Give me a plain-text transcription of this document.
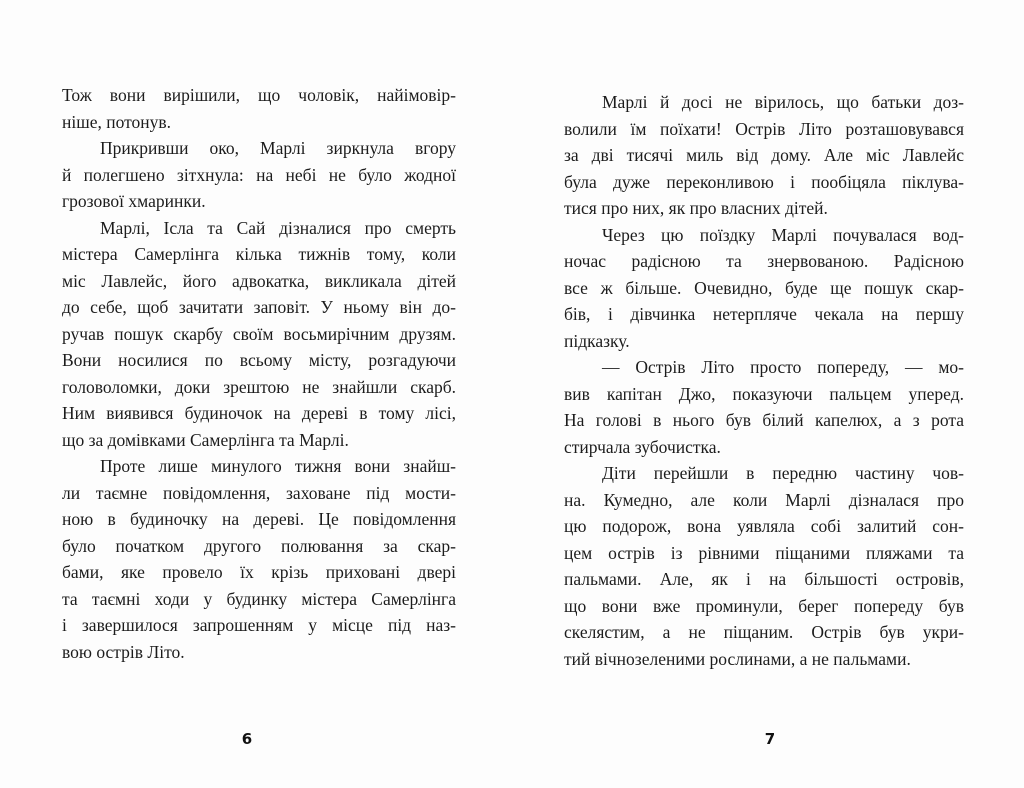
Тож вони вирішили, що чоловік, найімовір-
ніше, потонув.
Прикривши око, Марлі зиркнула вгору
й полегшено зітхнула: на небі не було жодної
грозової хмаринки.
Марлі, Ісла та Сай дізналися про смерть
містера Самерлінга кілька тижнів тому, коли
міс Лавлейс, його адвокатка, викликала дітей
до себе, щоб зачитати заповіт. У ньому він до-
ручав пошук скарбу своїм восьмирічним друзям.
Вони носилися по всьому місту, розгадуючи
головоломки, доки зрештою не знайшли скарб.
Ним виявився будиночок на дереві в тому лісі,
що за домівками Самерлінга та Марлі.
Проте лише минулого тижня вони знайш-
ли таємне повідомлення, заховане під мости-
ною в будиночку на дереві. Це повідомлення
було початком другого полювання за скар-
бами, яке провело їх крізь приховані двері
та таємні ходи у будинку містера Самерлінга
і завершилося запрошенням у місце під наз-
вою острів Літо.
6
Марлі й досі не вірилось, що батьки доз-
волили їм поїхати! Острів Літо розташовувався
за дві тисячі миль від дому. Але міс Лавлейс
була дуже переконливою і пообіцяла піклува-
тися про них, як про власних дітей.
Через цю поїздку Марлі почувалася вод-
ночас радісною та знервованою. Радісною
все ж більше. Очевидно, буде ще пошук скар-
бів, і дівчинка нетерпляче чекала на першу
підказку.
— Острів Літо просто попереду, — мо-
вив капітан Джо, показуючи пальцем уперед.
На голові в нього був білий капелюх, а з рота
стирчала зубочистка.
Діти перейшли в передню частину чов-
на. Кумедно, але коли Марлі дізналася про
цю подорож, вона уявляла собі залитий сон-
цем острів із рівними піщаними пляжами та
пальмами. Але, як і на більшості островів,
що вони вже проминули, берег попереду був
скелястим, а не піщаним. Острів був укри-
тий вічнозеленими рослинами, а не пальмами.
7
